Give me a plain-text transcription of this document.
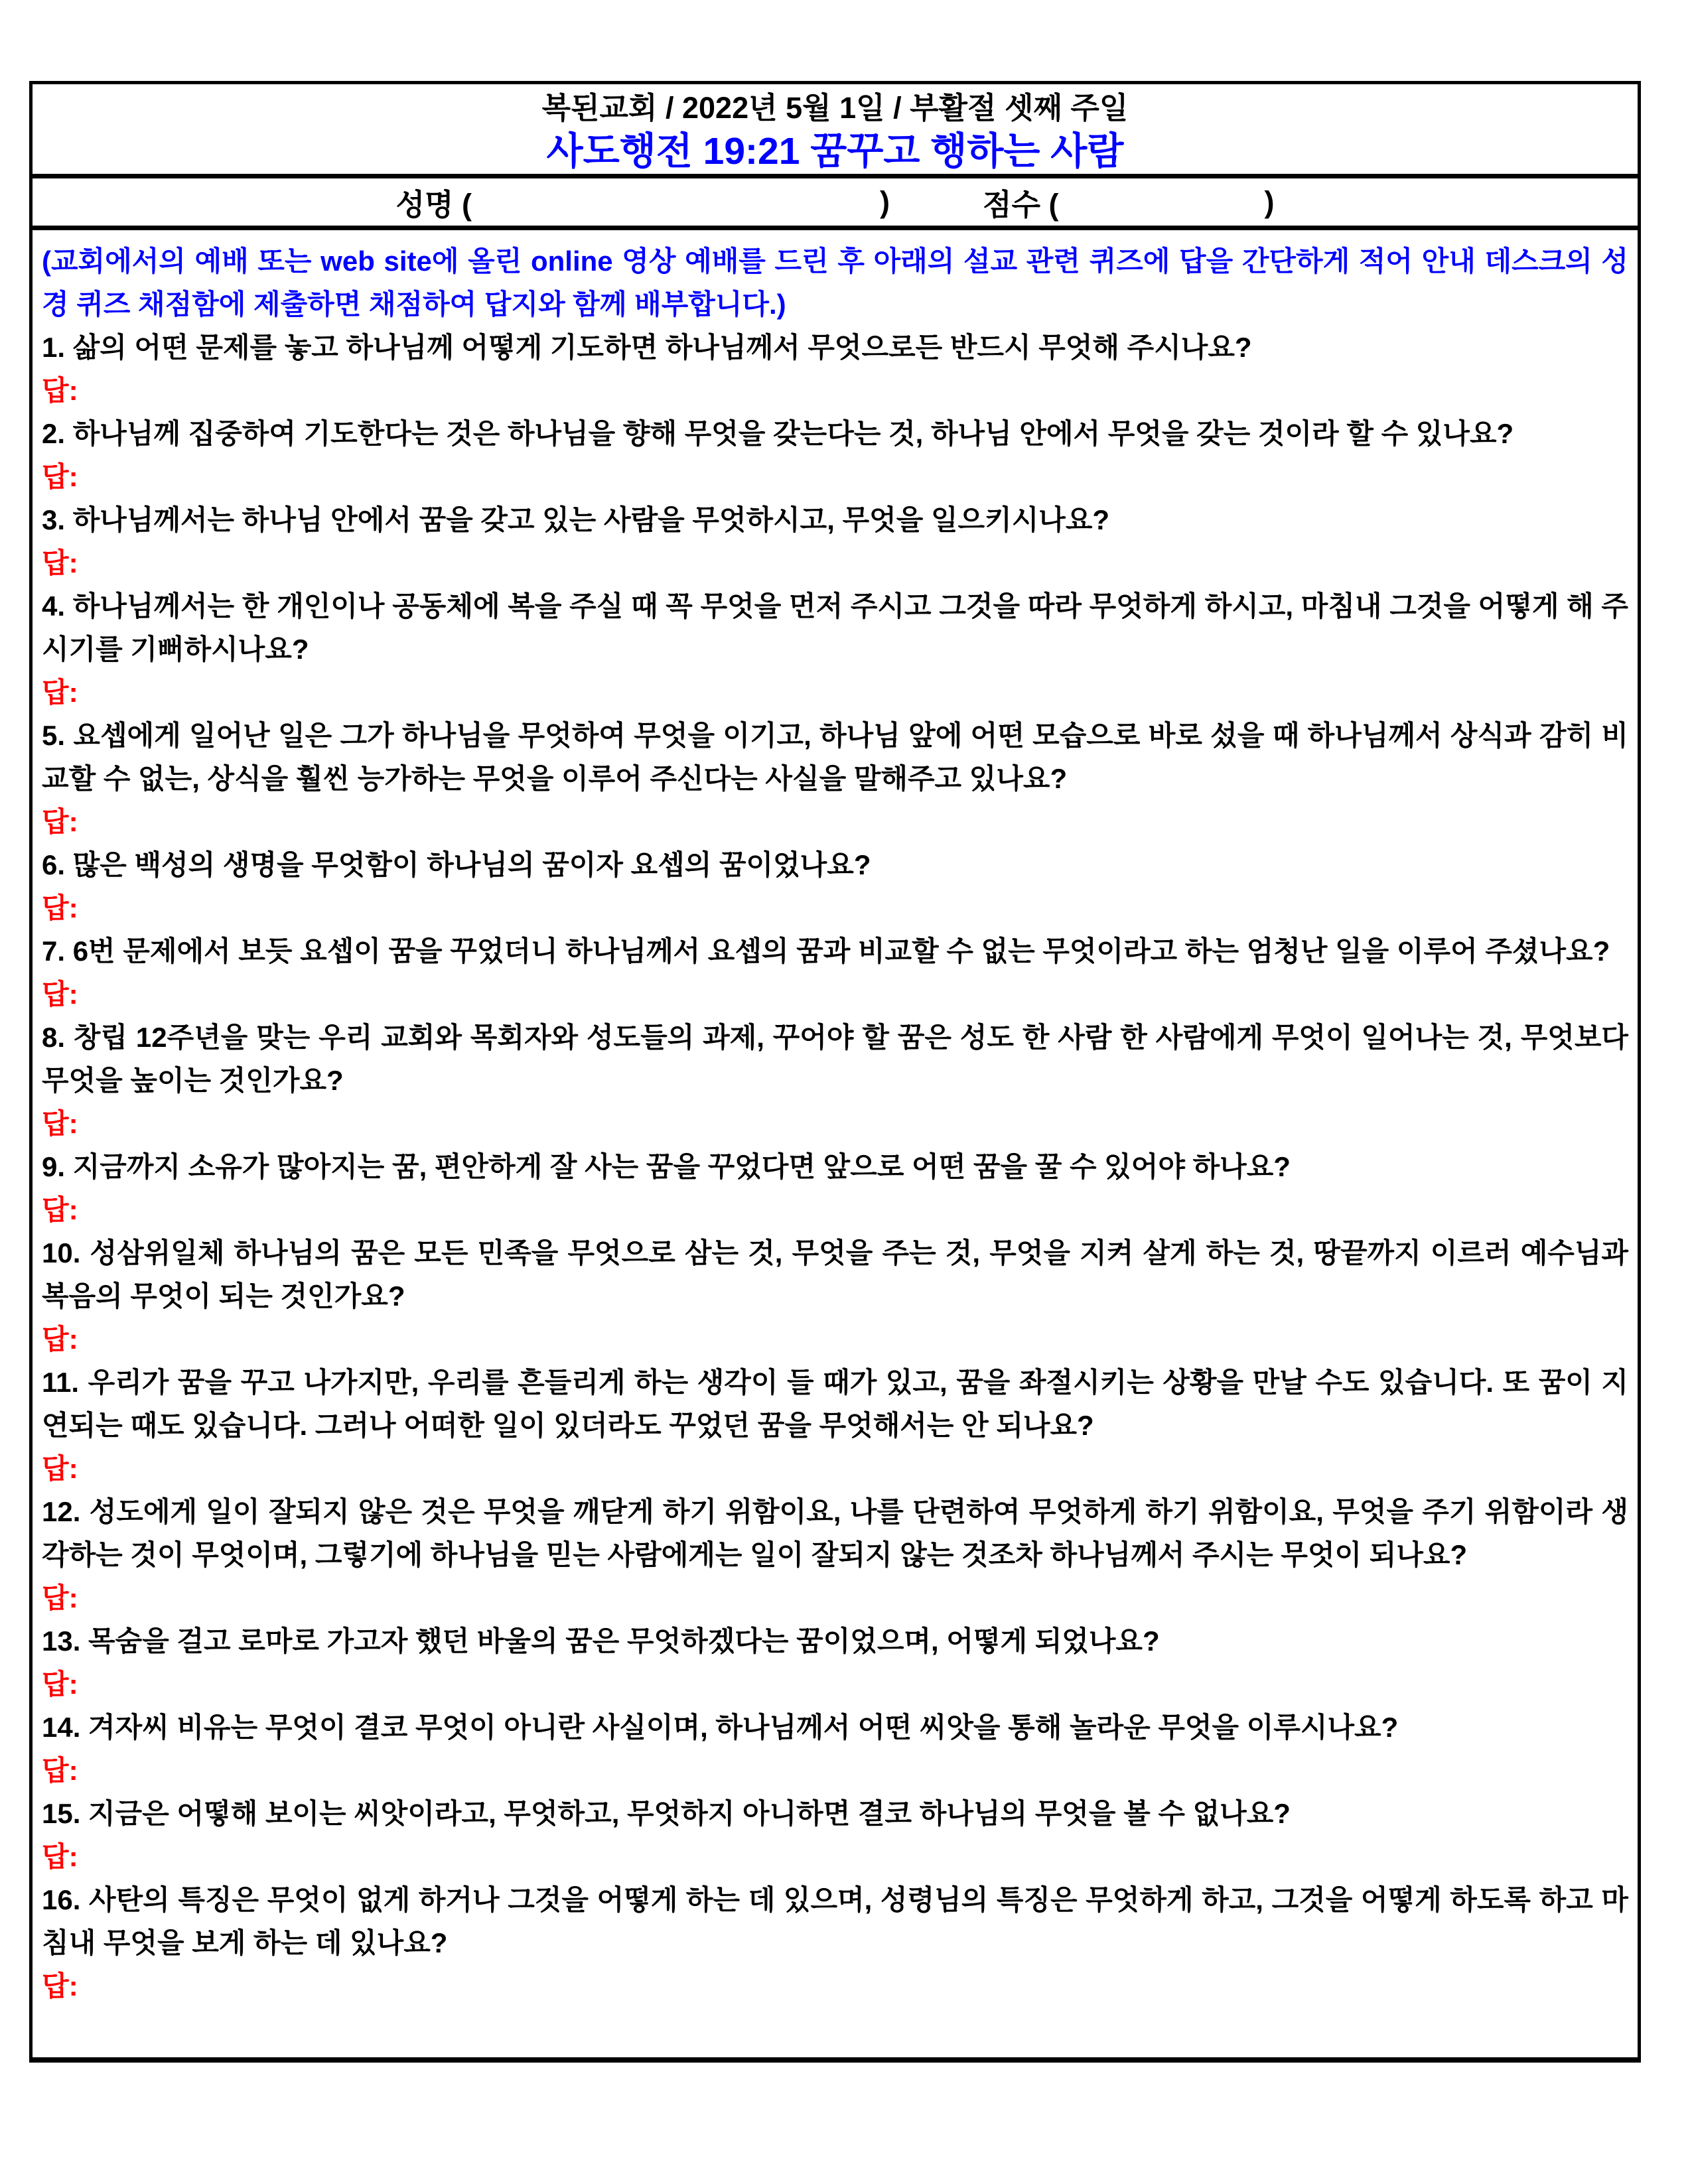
복된교회 / 2022년 5월 1일 / 부활절 셋째 주일
사도행전 19:21 꿈꾸고 행하는 사람
성명 (	)	점수 (	)

(교회에서의 예배 또는 web site에 올린 online 영상 예배를 드린 후 아래의 설교 관련 퀴즈에 답을 간단하게 적어 안내 데스크의 성경 퀴즈 채점함에 제출하면 채점하여 답지와 함께 배부합니다.)

1. 삶의 어떤 문제를 놓고 하나님께 어떻게 기도하면 하나님께서 무엇으로든 반드시 무엇해 주시나요?

답:

2. 하나님께 집중하여 기도한다는 것은 하나님을 향해 무엇을 갖는다는 것, 하나님 안에서 무엇을 갖는 것이라 할 수 있나요?

답:

3. 하나님께서는 하나님 안에서 꿈을 갖고 있는 사람을 무엇하시고, 무엇을 일으키시나요?

답:

4. 하나님께서는 한 개인이나 공동체에 복을 주실 때 꼭 무엇을 먼저 주시고 그것을 따라 무엇하게 하시고, 마침내 그것을 어떻게 해 주시기를 기뻐하시나요?

답:

5. 요셉에게 일어난 일은 그가 하나님을 무엇하여 무엇을 이기고, 하나님 앞에 어떤 모습으로 바로 섰을 때 하나님께서 상식과 감히 비교할 수 없는, 상식을 훨씬 능가하는 무엇을 이루어 주신다는 사실을 말해주고 있나요?

답:

6. 많은 백성의 생명을 무엇함이 하나님의 꿈이자 요셉의 꿈이었나요?

답:

7. 6번 문제에서 보듯 요셉이 꿈을 꾸었더니 하나님께서 요셉의 꿈과 비교할 수 없는 무엇이라고 하는 엄청난 일을 이루어 주셨나요?

답:

8. 창립 12주년을 맞는 우리 교회와 목회자와 성도들의 과제, 꾸어야 할 꿈은 성도 한 사람 한 사람에게 무엇이 일어나는 것, 무엇보다 무엇을 높이는 것인가요?

답:

9. 지금까지 소유가 많아지는 꿈, 편안하게 잘 사는 꿈을 꾸었다면 앞으로 어떤 꿈을 꿀 수 있어야 하나요?

답:

10. 성삼위일체 하나님의 꿈은 모든 민족을 무엇으로 삼는 것, 무엇을 주는 것, 무엇을 지켜 살게 하는 것, 땅끝까지 이르러 예수님과 복음의 무엇이 되는 것인가요?

답:

11. 우리가 꿈을 꾸고 나가지만, 우리를 흔들리게 하는 생각이 들 때가 있고, 꿈을 좌절시키는 상황을 만날 수도 있습니다. 또 꿈이 지연되는 때도 있습니다. 그러나 어떠한 일이 있더라도 꾸었던 꿈을 무엇해서는 안 되나요?

답:

12. 성도에게 일이 잘되지 않은 것은 무엇을 깨닫게 하기 위함이요, 나를 단련하여 무엇하게 하기 위함이요, 무엇을 주기 위함이라 생각하는 것이 무엇이며, 그렇기에 하나님을 믿는 사람에게는 일이 잘되지 않는 것조차 하나님께서 주시는 무엇이 되나요?

답:

13. 목숨을 걸고 로마로 가고자 했던 바울의 꿈은 무엇하겠다는 꿈이었으며, 어떻게 되었나요?

답:

14. 겨자씨 비유는 무엇이 결코 무엇이 아니란 사실이며, 하나님께서 어떤 씨앗을 통해 놀라운 무엇을 이루시나요?

답:

15. 지금은 어떻해 보이는 씨앗이라고, 무엇하고, 무엇하지 아니하면 결코 하나님의 무엇을 볼 수 없나요?

답:

16. 사탄의 특징은 무엇이 없게 하거나 그것을 어떻게 하는 데 있으며, 성령님의 특징은 무엇하게 하고, 그것을 어떻게 하도록 하고 마침내 무엇을 보게 하는 데 있나요?

답:
